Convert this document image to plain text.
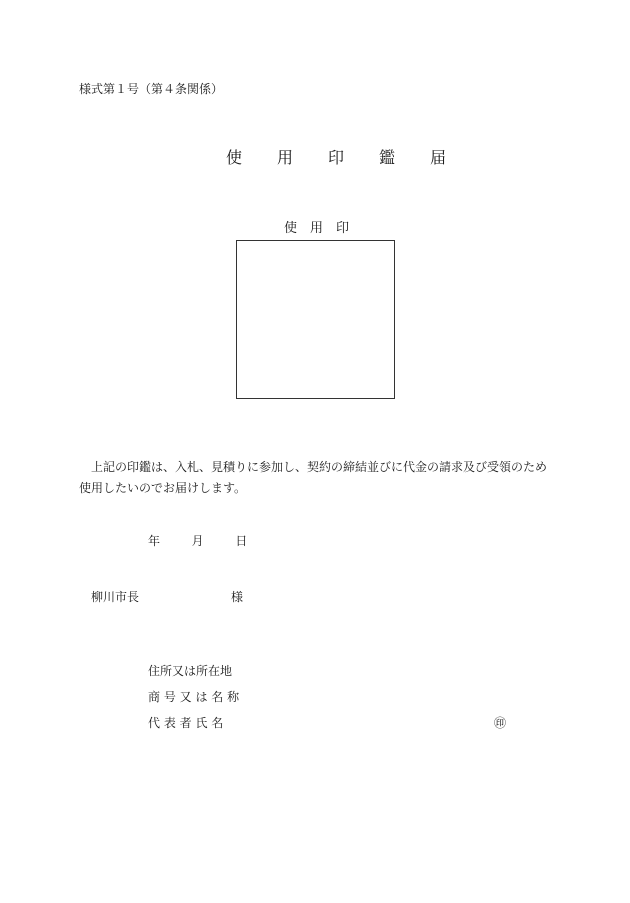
様式第１号（第４条関係）
使　　用　　印　　鑑　　届
使　用　印
上記の印鑑は、入札、見積りに参加し、契約の締結並びに代金の請求及び受領のため使用したいのでお届けします。
年	月	日
柳川市長	様
住所又は所在地
商 号 又 は 名 称
代 表 者 氏 名	㊞
